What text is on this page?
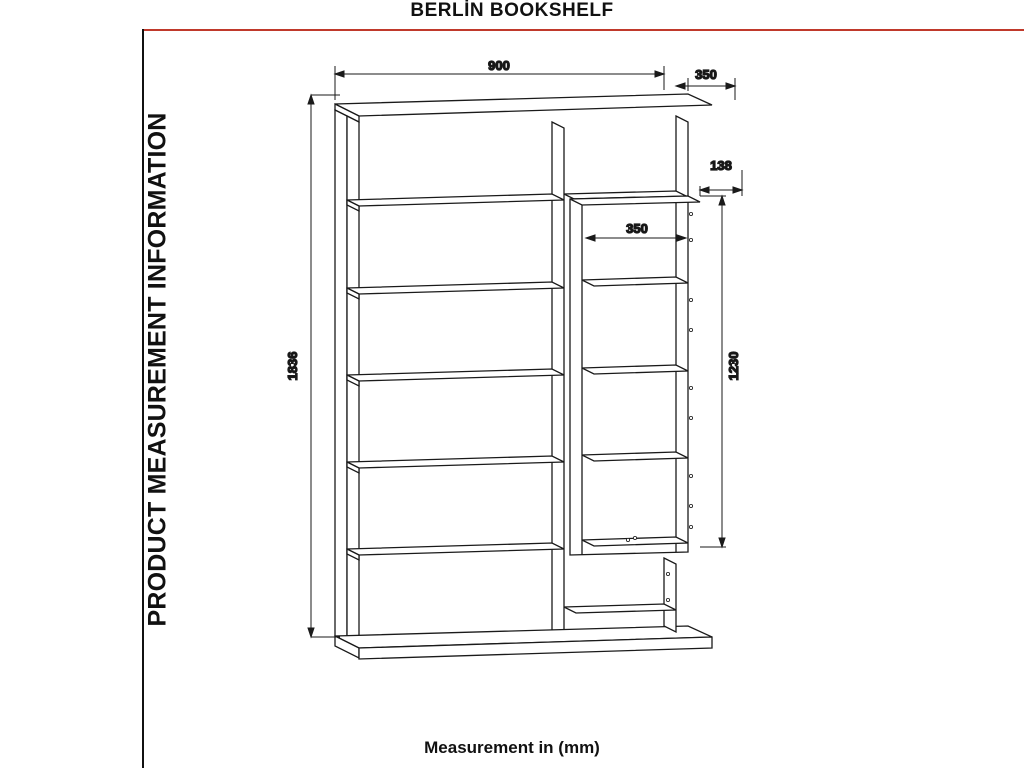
BERLİN BOOKSHELF
PRODUCT MEASUREMENT INFORMATION
Measurement in (mm)
900
350
138
350
1836	1230
